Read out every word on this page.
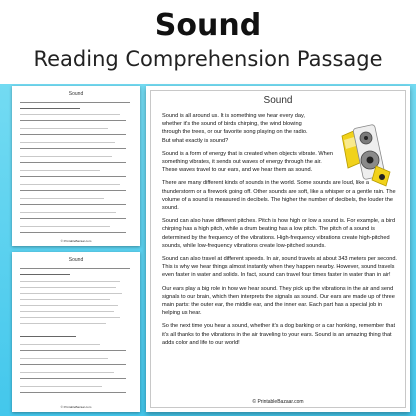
Sound
Reading Comprehension Passage
Sound
© PrintableBazaar.com
Sound
© PrintableBazaar.com
Sound

Sound is all around us. It is something we hear every day, whether it's the sound of birds chirping, the wind blowing through the trees, or our favorite song playing on the radio. But what exactly is sound?

Sound is a form of energy that is created when objects vibrate. When something vibrates, it sends out waves of energy through the air. These waves travel to our ears, and we hear them as sound.

There are many different kinds of sounds in the world. Some sounds are loud, like a thunderstorm or a firework going off. Other sounds are soft, like a whisper or a gentle rain. The volume of a sound is measured in decibels. The higher the number of decibels, the louder the sound.

Sound can also have different pitches. Pitch is how high or low a sound is. For example, a bird chirping has a high pitch, while a drum beating has a low pitch. The pitch of a sound is determined by the frequency of the vibrations. High-frequency vibrations create high-pitched sounds, while low-frequency vibrations create low-pitched sounds.

Sound can also travel at different speeds. In air, sound travels at about 343 meters per second. This is why we hear things almost instantly when they happen nearby. However, sound travels even faster in water and solids. In fact, sound can travel four times faster in water than in air!

Our ears play a big role in how we hear sound. They pick up the vibrations in the air and send signals to our brain, which then interprets the signals as sound. Our ears are made up of three main parts: the outer ear, the middle ear, and the inner ear. Each part has a special job in helping us hear.

So the next time you hear a sound, whether it's a dog barking or a car honking, remember that it's all thanks to the vibrations in the air traveling to your ears. Sound is an amazing thing that adds color and life to our world!

© PrintableBazaar.com
